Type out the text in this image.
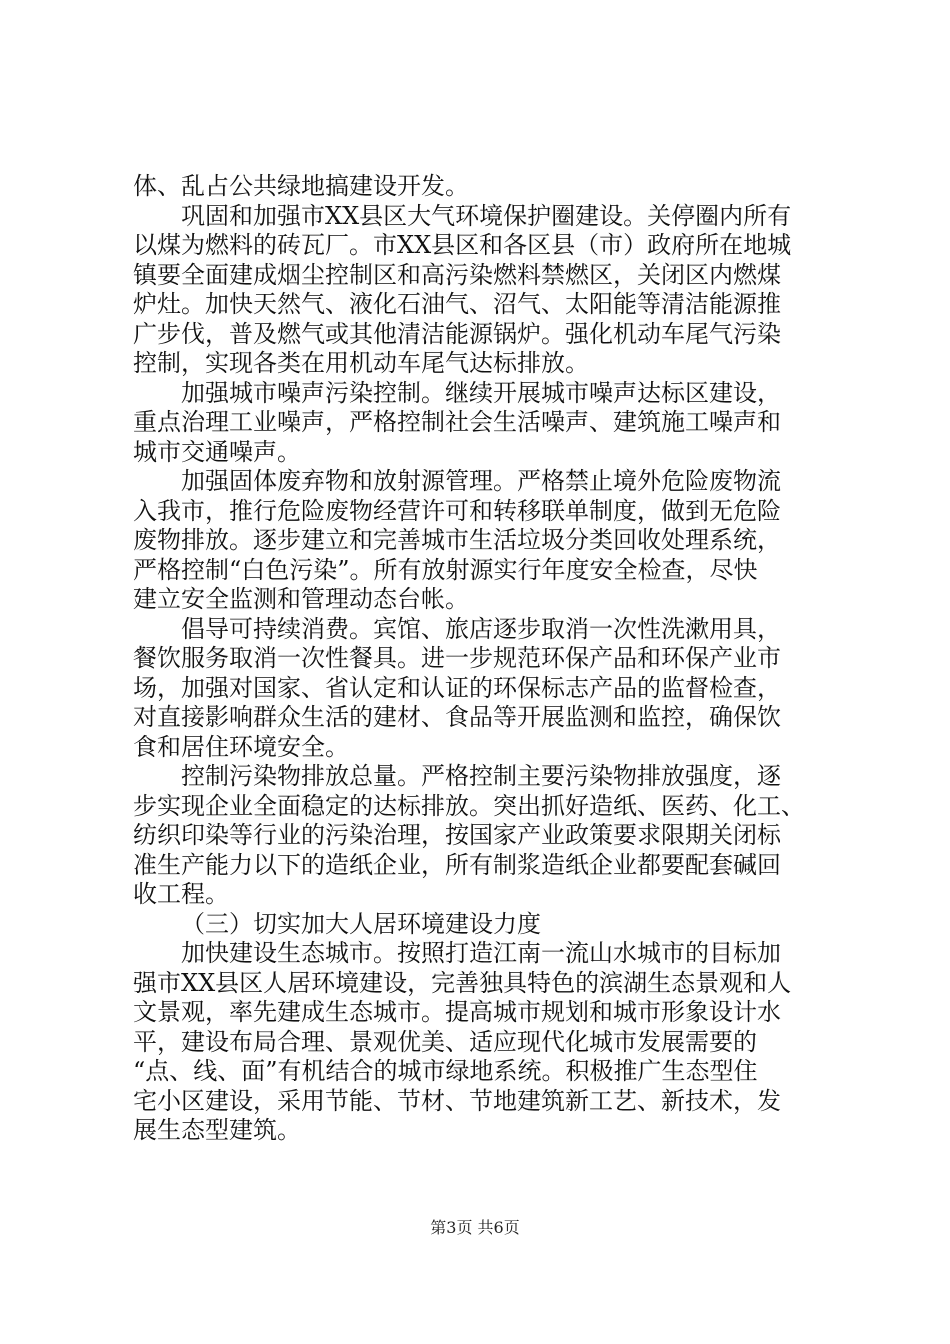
体、乱占公共绿地搞建设开发。
巩固和加强市XX县区大气环境保护圈建设。关停圈内所有
以煤为燃料的砖瓦厂。市XX县区和各区县（市）政府所在地城
镇要全面建成烟尘控制区和高污染燃料禁燃区，关闭区内燃煤
炉灶。加快天然气、液化石油气、沼气、太阳能等清洁能源推
广步伐，普及燃气或其他清洁能源锅炉。强化机动车尾气污染
控制，实现各类在用机动车尾气达标排放。
加强城市噪声污染控制。继续开展城市噪声达标区建设，
重点治理工业噪声，严格控制社会生活噪声、建筑施工噪声和
城市交通噪声。
加强固体废弃物和放射源管理。严格禁止境外危险废物流
入我市，推行危险废物经营许可和转移联单制度，做到无危险
废物排放。逐步建立和完善城市生活垃圾分类回收处理系统，
严格控制“白色污染”。所有放射源实行年度安全检查，尽快
建立安全监测和管理动态台帐。
倡导可持续消费。宾馆、旅店逐步取消一次性洗漱用具，
餐饮服务取消一次性餐具。进一步规范环保产品和环保产业市
场，加强对国家、省认定和认证的环保标志产品的监督检查，
对直接影响群众生活的建材、食品等开展监测和监控，确保饮
食和居住环境安全。
控制污染物排放总量。严格控制主要污染物排放强度，逐
步实现企业全面稳定的达标排放。突出抓好造纸、医药、化工、
纺织印染等行业的污染治理，按国家产业政策要求限期关闭标
准生产能力以下的造纸企业，所有制浆造纸企业都要配套碱回
收工程。
（三）切实加大人居环境建设力度
加快建设生态城市。按照打造江南一流山水城市的目标加
强市XX县区人居环境建设，完善独具特色的滨湖生态景观和人
文景观，率先建成生态城市。提高城市规划和城市形象设计水
平，建设布局合理、景观优美、适应现代化城市发展需要的
“点、线、面”有机结合的城市绿地系统。积极推广生态型住
宅小区建设，采用节能、节材、节地建筑新工艺、新技术，发
展生态型建筑。
第3页 共6页
